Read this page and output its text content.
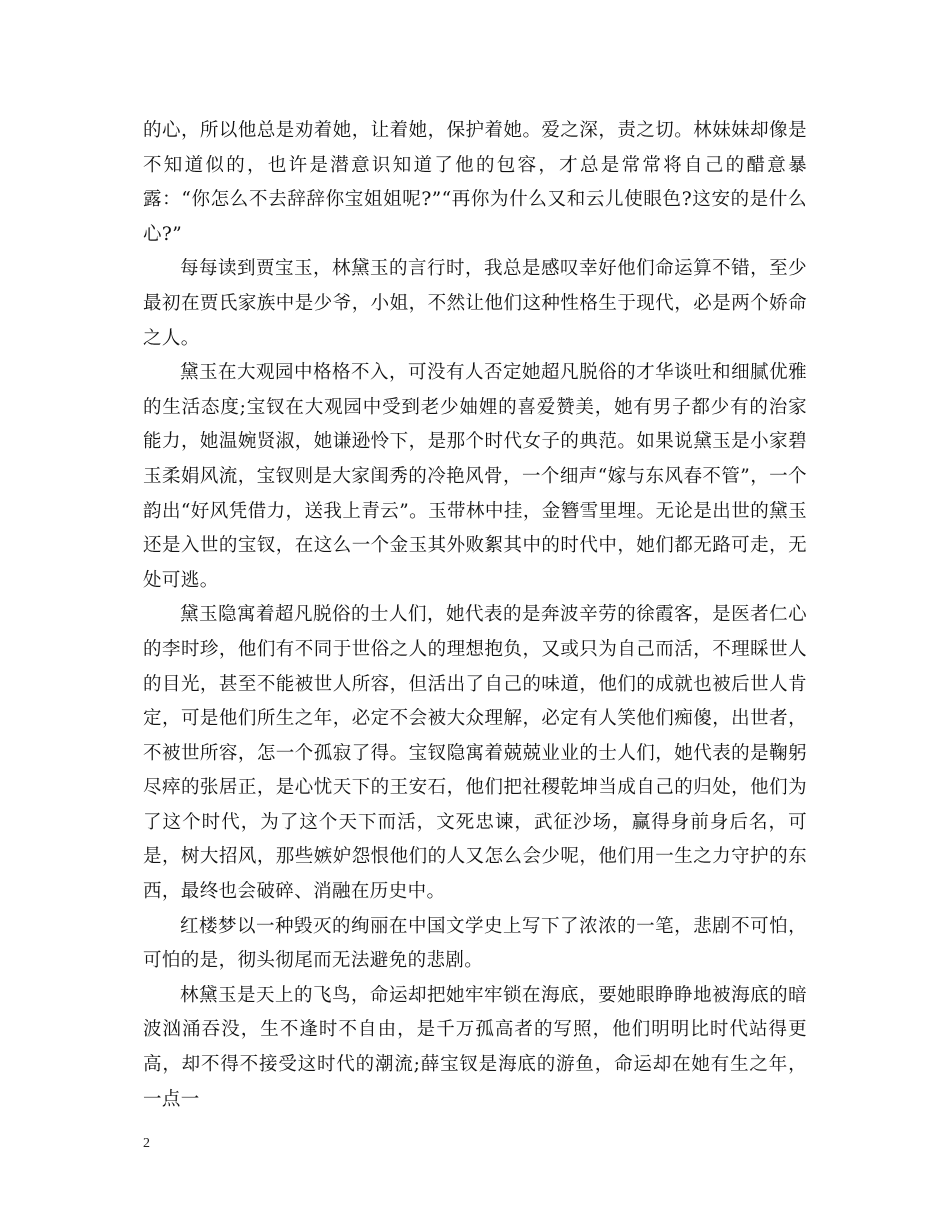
的心，所以他总是劝着她，让着她，保护着她。爱之深，责之切。林妹妹却像是不知道似的，也许是潜意识知道了他的包容，才总是常常将自己的醋意暴露：“你怎么不去辞辞你宝姐姐呢?”“再你为什么又和云儿使眼色?这安的是什么心?”

每每读到贾宝玉，林黛玉的言行时，我总是感叹幸好他们命运算不错，至少最初在贾氏家族中是少爷，小姐，不然让他们这种性格生于现代，必是两个娇命之人。

黛玉在大观园中格格不入，可没有人否定她超凡脱俗的才华谈吐和细腻优雅的生活态度;宝钗在大观园中受到老少妯娌的喜爱赞美，她有男子都少有的治家能力，她温婉贤淑，她谦逊怜下，是那个时代女子的典范。如果说黛玉是小家碧玉柔娟风流，宝钗则是大家闺秀的冷艳风骨，一个细声“嫁与东风春不管”，一个韵出“好风凭借力，送我上青云”。玉带林中挂，金簪雪里埋。无论是出世的黛玉还是入世的宝钗，在这么一个金玉其外败絮其中的时代中，她们都无路可走，无处可逃。

黛玉隐寓着超凡脱俗的士人们，她代表的是奔波辛劳的徐霞客，是医者仁心的李时珍，他们有不同于世俗之人的理想抱负，又或只为自己而活，不理睬世人的目光，甚至不能被世人所容，但活出了自己的味道，他们的成就也被后世人肯定，可是他们所生之年，必定不会被大众理解，必定有人笑他们痴傻，出世者，不被世所容，怎一个孤寂了得。宝钗隐寓着兢兢业业的士人们，她代表的是鞠躬尽瘁的张居正，是心忧天下的王安石，他们把社稷乾坤当成自己的归处，他们为了这个时代，为了这个天下而活，文死忠谏，武征沙场，赢得身前身后名，可是，树大招风，那些嫉妒怨恨他们的人又怎么会少呢，他们用一生之力守护的东西，最终也会破碎、消融在历史中。

红楼梦以一种毁灭的绚丽在中国文学史上写下了浓浓的一笔，悲剧不可怕，可怕的是，彻头彻尾而无法避免的悲剧。

林黛玉是天上的飞鸟，命运却把她牢牢锁在海底，要她眼睁睁地被海底的暗波汹涌吞没，生不逢时不自由，是千万孤高者的写照，他们明明比时代站得更高，却不得不接受这时代的潮流;薛宝钗是海底的游鱼，命运却在她有生之年，一点一

2
